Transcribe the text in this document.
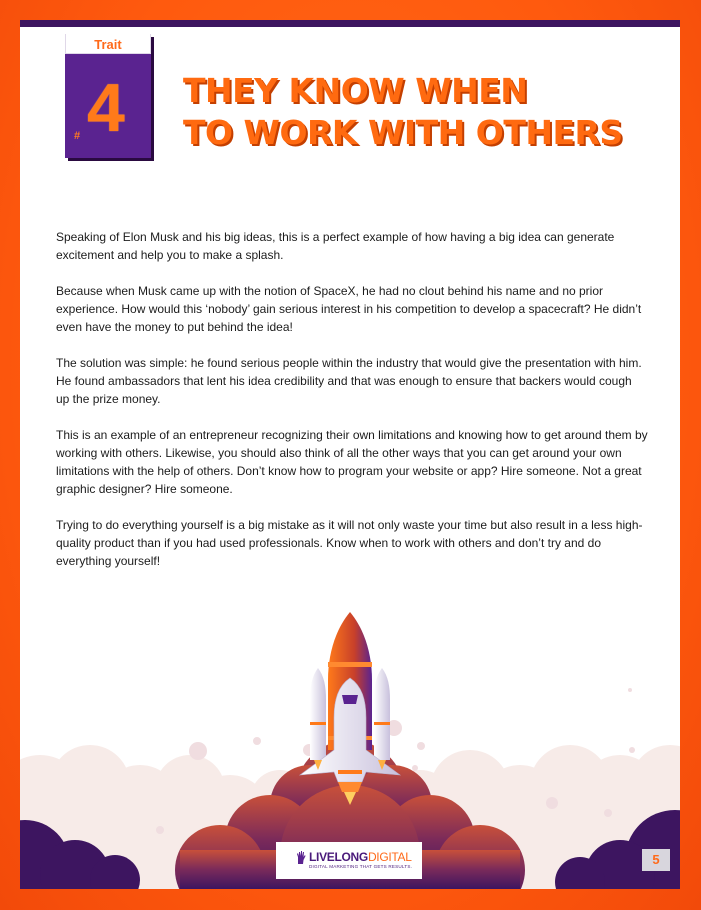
Trait
# 4 THEY KNOW WHEN
TO WORK WITH OTHERS

Speaking of Elon Musk and his big ideas, this is a perfect example of how having a big idea can generate excitement and help you to make a splash.

Because when Musk came up with the notion of SpaceX, he had no clout behind his name and no prior experience. How would this ‘nobody’ gain serious interest in his competition to develop a spacecraft? He didn’t even have the money to put behind the idea!

The solution was simple: he found serious people within the industry that would give the presentation with him. He found ambassadors that lent his idea credibility and that was enough to ensure that backers would cough up the prize money.

This is an example of an entrepreneur recognizing their own limitations and knowing how to get around them by working with others. Likewise, you should also think of all the other ways that you can get around your own limitations with the help of others. Don’t know how to program your website or app? Hire someone. Not a great graphic designer? Hire someone.

Trying to do everything yourself is a big mistake as it will not only waste your time but also result in a less high-quality product than if you had used professionals. Know when to work with others and don’t try and do everything yourself!

LIVELONGDIGITAL
DIGITAL MARKETING THAT GETS RESULTS.	5
